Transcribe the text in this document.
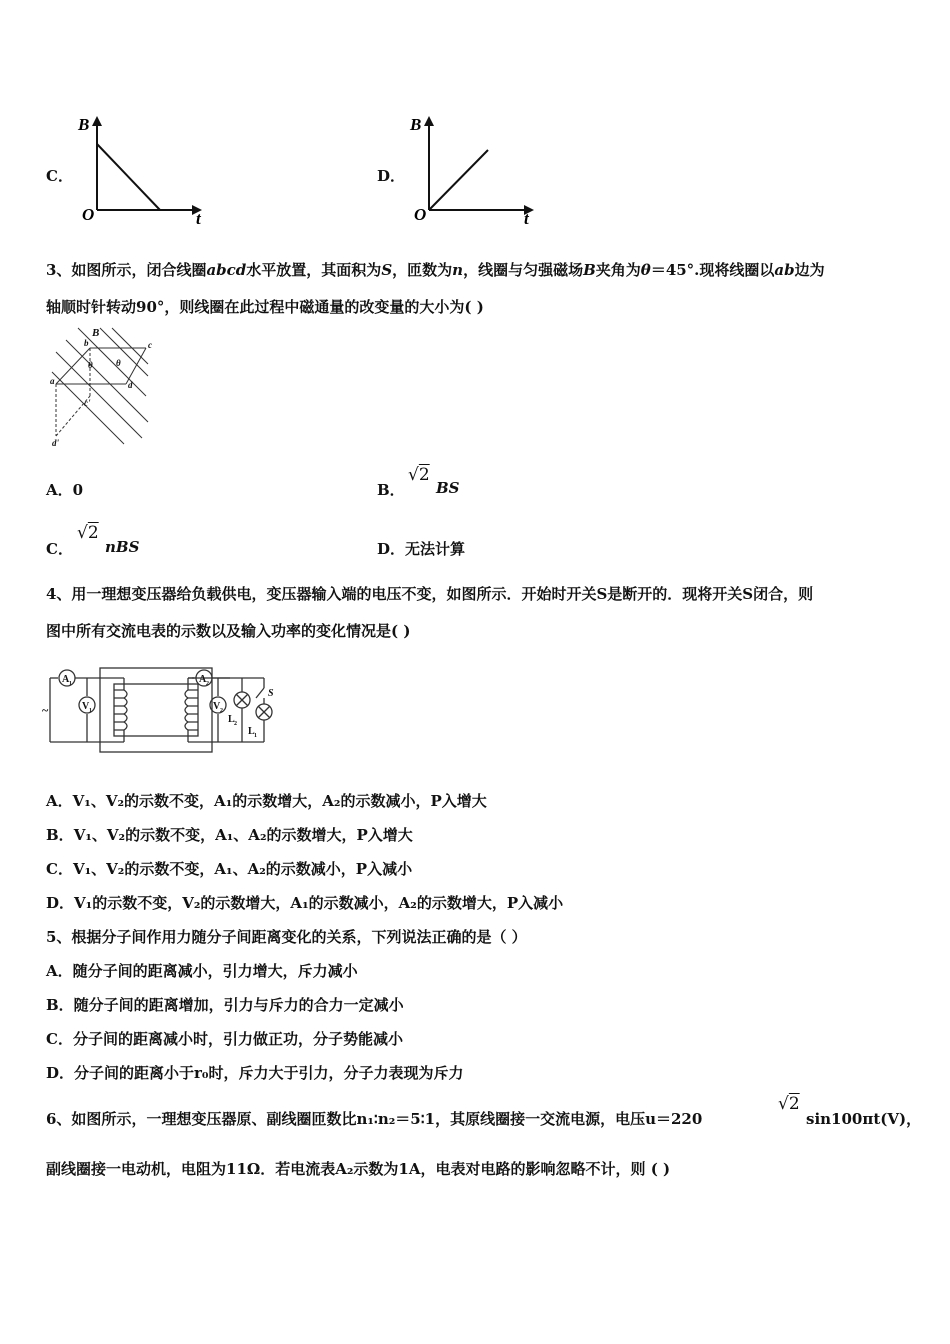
C．
B
O	t
D．
B
O	t
3、如图所示，闭合线圈abcd水平放置，其面积为S，匝数为n，线圈与匀强磁场B夹角为θ＝45°.现将线圈以ab边为
轴顺时针转动90°，则线圈在此过程中磁通量的改变量的大小为( )
B
a
b	c
d
θ	θ
c'
d'
A．0	B．
√2
BS
C．
√2
nBS	D．无法计算
4、用一理想变压器给负载供电，变压器输入端的电压不变，如图所示．开始时开关S是断开的．现将开关S闭合，则
图中所有交流电表的示数以及输入功率的变化情况是( )
A 1
V 1	V 2
A 2
L 2
L 1
S
~
A．V₁、V₂的示数不变，A₁的示数增大，A₂的示数减小，P入增大
B．V₁、V₂的示数不变，A₁、A₂的示数增大，P入增大
C．V₁、V₂的示数不变，A₁、A₂的示数减小，P入减小
D．V₁的示数不变，V₂的示数增大，A₁的示数减小，A₂的示数增大，P入减小
5、根据分子间作用力随分子间距离变化的关系，下列说法正确的是（ ）
A．随分子间的距离减小，引力增大，斥力减小
B．随分子间的距离增加，引力与斥力的合力一定减小
C．分子间的距离减小时，引力做正功，分子势能减小
D．分子间的距离小于r₀时，斥力大于引力，分子力表现为斥力
6、如图所示，一理想变压器原、副线圈匝数比n₁∶n₂＝5∶1，其原线圈接一交流电源，电压u＝220
√2
sin100πt(V)，
副线圈接一电动机，电阻为11Ω．若电流表A₂示数为1A，电表对电路的影响忽略不计，则 ( )
